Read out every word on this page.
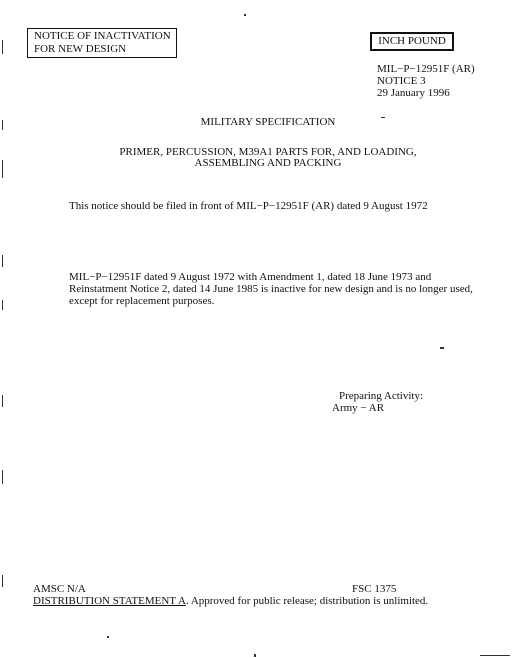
NOTICE OF INACTIVATION
FOR NEW DESIGN
INCH POUND
MIL−P−12951F (AR)
NOTICE 3
29 January 1996
MILITARY SPECIFICATION
PRIMER, PERCUSSION, M39A1 PARTS FOR, AND LOADING,
ASSEMBLING AND PACKING
This notice should be filed in front of MIL−P−12951F (AR) dated 9 August 1972
MIL−P−12951F dated 9 August 1972 with Amendment 1, dated 18 June 1973 and
Reinstatment Notice 2, dated 14 June 1985 is inactive for new design and is no longer used,
except for replacement purposes.
Preparing Activity:
Army − AR
AMSC N/A	FSC 1375
DISTRIBUTION STATEMENT A. Approved for public release; distribution is unlimited.
